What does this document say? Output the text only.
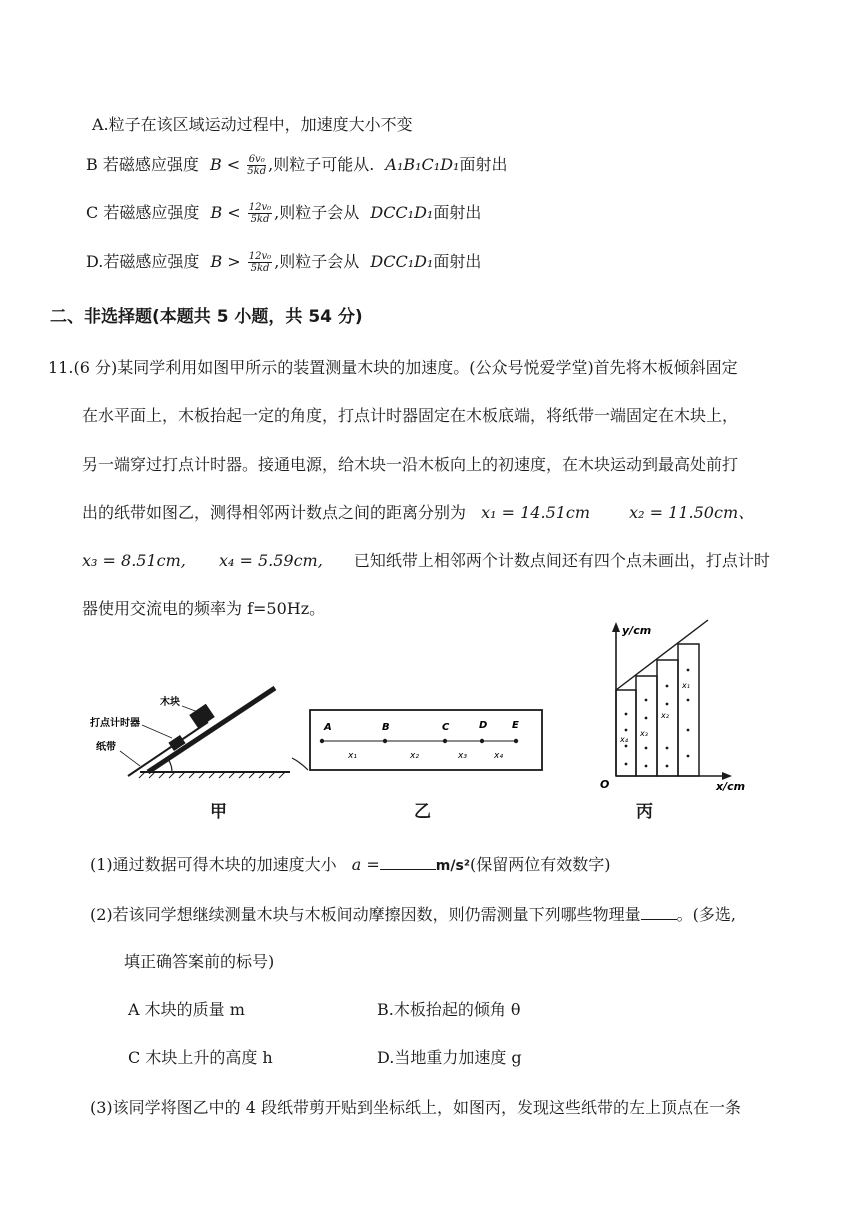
A.粒子在该区域运动过程中，加速度大小不变
B 若磁感应强度 $B < \frac{\text{6v₀}}{5kd}$ ,则粒子可能从. A₁B₁C₁D₁面射出
C 若磁感应强度 $B < \frac{\text{12v₀}}{5kd}$ ,则粒子会从 DCC₁D₁面射出
D.若磁感应强度 $B > \frac{\text{12v₀}}{5kd}$ ,则粒子会从 DCC₁D₁面射出
二、非选择题(本题共 5 小题，共 54 分)
11.(6 分)某同学利用如图甲所示的装置测量木块的加速度。(公众号悦爱学堂)首先将木板倾斜固定
在水平面上，木板抬起一定的角度，打点计时器固定在木板底端，将纸带一端固定在木块上，
另一端穿过打点计时器。接通电源，给木块一沿木板向上的初速度，在木块运动到最高处前打
出的纸带如图乙，测得相邻两计数点之间的距离分别为 x₁ = 14.51cm x₂ = 11.50cm、
x₃ = 8.51cm, x₄ = 5.59cm, 已知纸带上相邻两个计数点间还有四个点未画出，打点计时
器使用交流电的频率为 f=50Hz。
木块
打点计时器
纸带
甲
A	B	C	D E
x₁	x₂	x₃	x₄
乙
y/cm
x/cm
O
x₄
x₃
x₂
x₁
丙
(1)通过数据可得木块的加速度大小 a =	m/s²(保留两位有效数字)
(2)若该同学想继续测量木块与木板间动摩擦因数，则仍需测量下列哪些物理量 。(多选,
填正确答案前的标号)
A 木块的质量 m	B.木板抬起的倾角 θ
C 木块上升的高度 h	D.当地重力加速度 g
(3)该同学将图乙中的 4 段纸带剪开贴到坐标纸上，如图丙，发现这些纸带的左上顶点在一条
